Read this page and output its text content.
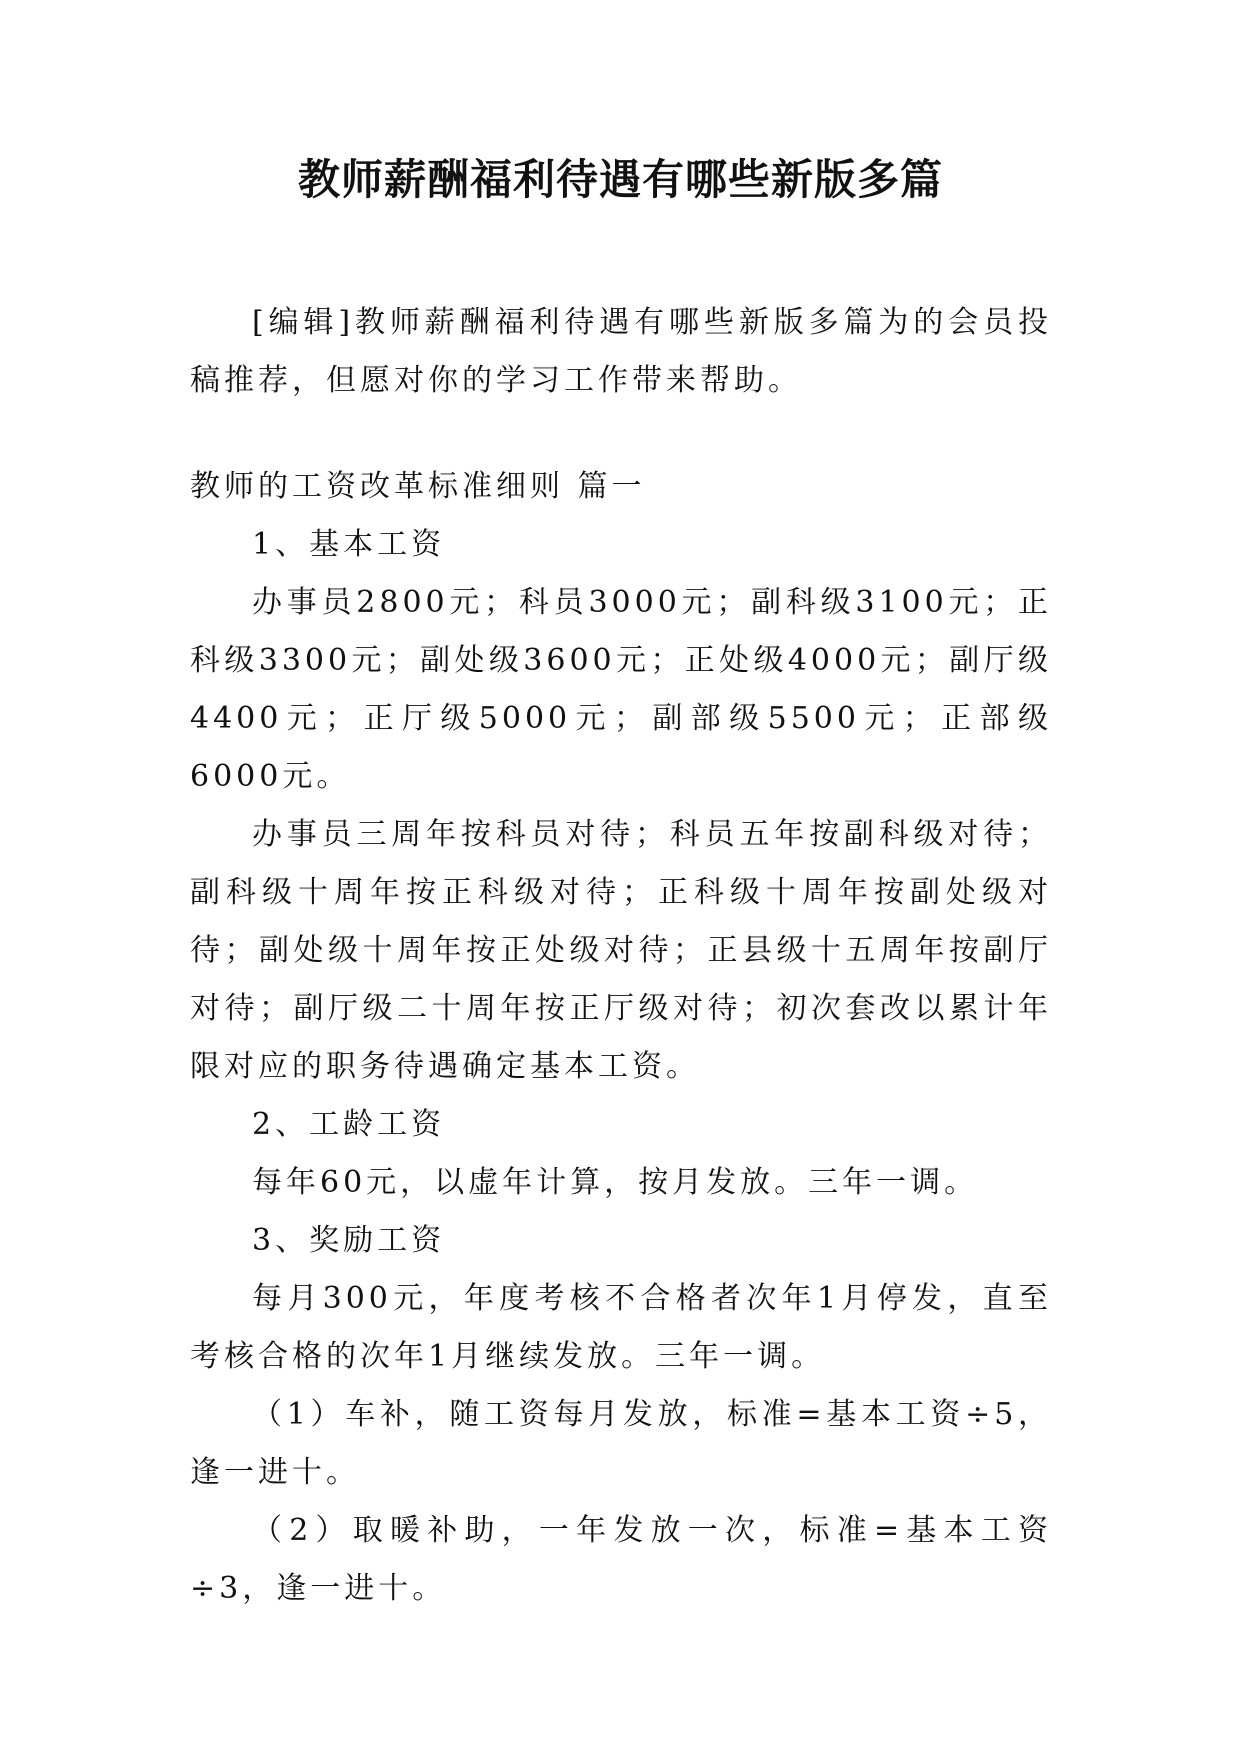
教师薪酬福利待遇有哪些新版多篇

[编辑]教师薪酬福利待遇有哪些新版多篇为的会员投稿推荐，但愿对你的学习工作带来帮助。

教师的工资改革标准细则 篇一

1、基本工资

办事员2800元；科员3000元；副科级3100元；正科级3300元；副处级3600元；正处级4000元；副厅级4400元；正厅级5000元；副部级5500元；正部级6000元。

办事员三周年按科员对待；科员五年按副科级对待；副科级十周年按正科级对待；正科级十周年按副处级对待；副处级十周年按正处级对待；正县级十五周年按副厅对待；副厅级二十周年按正厅级对待；初次套改以累计年限对应的职务待遇确定基本工资。

2、工龄工资

每年60元，以虚年计算，按月发放。三年一调。

3、奖励工资

每月300元，年度考核不合格者次年1月停发，直至考核合格的次年1月继续发放。三年一调。

（1）车补，随工资每月发放，标准=基本工资÷5，逢一进十。

（2）取暖补助，一年发放一次，标准=基本工资÷3，逢一进十。
